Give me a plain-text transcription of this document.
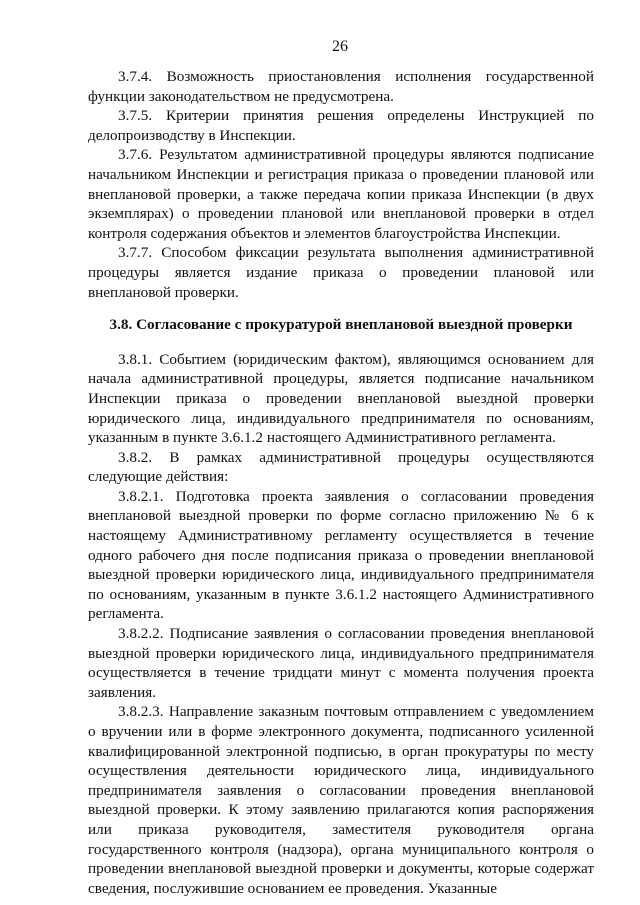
26

3.7.4. Возможность приостановления исполнения государственной функции законодательством не предусмотрена.

3.7.5. Критерии принятия решения определены Инструкцией по делопроизводству в Инспекции.

3.7.6. Результатом административной процедуры являются подписание начальником Инспекции и регистрация приказа о проведении плановой или внеплановой проверки, а также передача копии приказа Инспекции (в двух экземплярах) о проведении плановой или внеплановой проверки в отдел контроля содержания объектов и элементов благоустройства Инспекции.

3.7.7. Способом фиксации результата выполнения административной процедуры является издание приказа о проведении плановой или внеплановой проверки.

3.8. Согласование с прокуратурой внеплановой выездной проверки

3.8.1. Событием (юридическим фактом), являющимся основанием для начала административной процедуры, является подписание начальником Инспекции приказа о проведении внеплановой выездной проверки юридического лица, индивидуального предпринимателя по основаниям, указанным в пункте 3.6.1.2 настоящего Административного регламента.

3.8.2. В рамках административной процедуры осуществляются следующие действия:

3.8.2.1. Подготовка проекта заявления о согласовании проведения внеплановой выездной проверки по форме согласно приложению № 6 к настоящему Административному регламенту осуществляется в течение одного рабочего дня после подписания приказа о проведении внеплановой выездной проверки юридического лица, индивидуального предпринимателя по основаниям, указанным в пункте 3.6.1.2 настоящего Административного регламента.

3.8.2.2. Подписание заявления о согласовании проведения внеплановой выездной проверки юридического лица, индивидуального предпринимателя осуществляется в течение тридцати минут с момента получения проекта заявления.

3.8.2.3. Направление заказным почтовым отправлением с уведомлением о вручении или в форме электронного документа, подписанного усиленной квалифицированной электронной подписью, в орган прокуратуры по месту осуществления деятельности юридического лица, индивидуального предпринимателя заявления о согласовании проведения внеплановой выездной проверки. К этому заявлению прилагаются копия распоряжения или приказа руководителя, заместителя руководителя органа государственного контроля (надзора), органа муниципального контроля о проведении внеплановой выездной проверки и документы, которые содержат сведения, послужившие основанием ее проведения. Указанные
